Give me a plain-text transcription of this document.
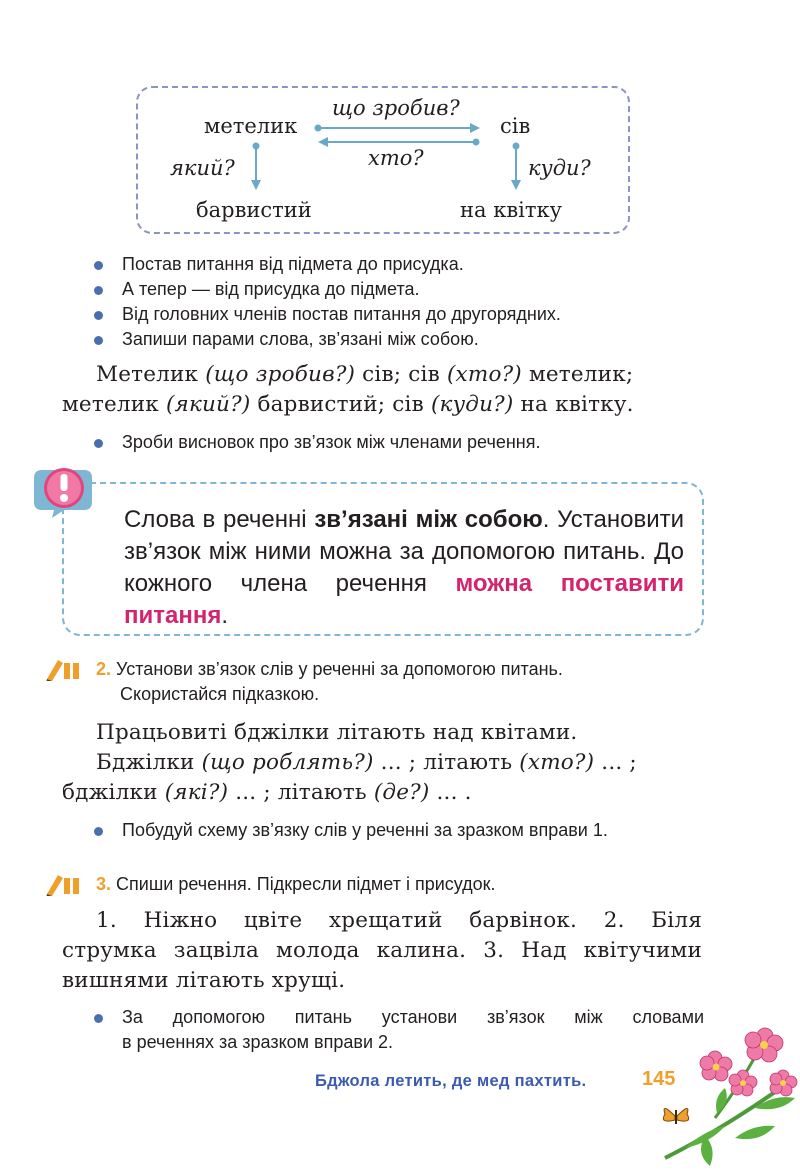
метелик	сів
барвистий	на квітку
що зробив?
хто?
який?	куди?
Постав питання від підмета до присудка.
А тепер — від присудка до підмета.
Від головних членів постав питання до другорядних.
Запиши парами слова, зв’язані між собою.
Метелик (що зробив?) сів; сів (хто?) метелик;
метелик (який?) барвистий; сів (куди?) на квітку.
Зроби висновок про зв’язок між членами речення.
Слова в реченні зв’язані між собою. Установити зв’язок між ними можна за допомогою питань. До кожного члена речення можна поставити питання.
2. Установи зв’язок слів у реченні за допомогою питань.
Скористайся підказкою.
Працьовиті бджілки літають над квітами.
Бджілки (що роблять?) ... ; літають (хто?) ... ;
бджілки (які?) ... ; літають (де?) ... .
Побудуй схему зв’язку слів у реченні за зразком вправи 1.
3. Спиши речення. Підкресли підмет і присудок.
1. Ніжно цвіте хрещатий барвінок. 2. Біля
струмка зацвіла молода калина. 3. Над квітучими
вишнями літають хрущі.
За допомогою питань установи зв’язок між словами
в реченнях за зразком вправи 2.
Бджола летить, де мед пахтить.	145
